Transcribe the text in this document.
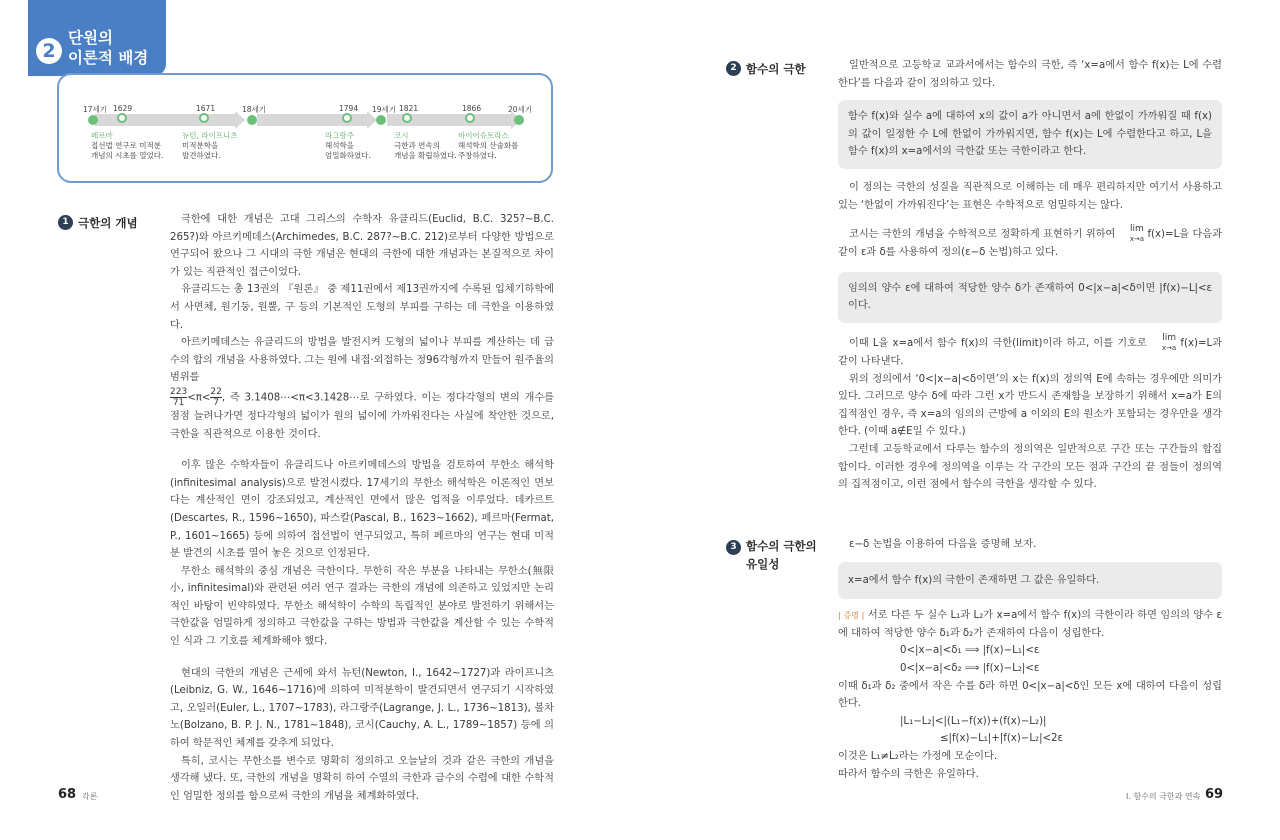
2
단원의
이론적 배경
17세기 1629	1671	18세기	1794 19세기 1821	1866	20세기
페르마
접선법 연구로 미적분
개념의 시초를 열었다.
뉴턴, 라이프니츠
미적분학을
발견하였다.
라그랑주
해석학을
엄밀화하였다.
코시
극한과 연속의
개념을 확립하였다.
바이어슈트라스
해석학의 산술화를
주창하였다.
1 극한의 개념	극한에 대한 개념은 고대 그리스의 수학자 유클리드(Euclid, B.C. 325?~B.C. 265?)와 아르키메데스(Archimedes, B.C. 287?~B.C. 212)로부터 다양한 방법으로 연구되어 왔으나 그 시대의 극한 개념은 현대의 극한에 대한 개념과는 본질적으로 차이가 있는 직관적인 접근이었다.

유클리드는 총 13권의 『원론』 중 제11권에서 제13권까지에 수록된 입체기하학에서 사면체, 원기둥, 원뿔, 구 등의 기본적인 도형의 부피를 구하는 데 극한을 이용하였다.

아르키메데스는 유클리드의 방법을 발전시켜 도형의 넓이나 부피를 계산하는 데 급수의 합의 개념을 사용하였다. 그는 원에 내접·외접하는 정96각형까지 만들어 원주율의 범위를

$\frac{223}{71} <\pi< \frac{22}{7}$ , 즉 3.1408⋯<π<3.1428⋯로 구하였다. 이는 정다각형의 변의 개수를 점점 늘려나가면 정다각형의 넓이가 원의 넓이에 가까워진다는 사실에 착안한 것으로, 극한을 직관적으로 이용한 것이다.

이후 많은 수학자들이 유클리드나 아르키메데스의 방법을 검토하여 무한소 해석학(infinitesimal analysis)으로 발전시켰다. 17세기의 무한소 해석학은 이론적인 면보다는 계산적인 면이 강조되었고, 계산적인 면에서 많은 업적을 이루었다. 데카르트(Descartes, R., 1596~1650), 파스칼(Pascal, B., 1623~1662), 페르마(Fermat, P., 1601~1665) 등에 의하여 접선법이 연구되었고, 특히 페르마의 연구는 현대 미적분 발견의 시초를 열어 놓은 것으로 인정된다.

무한소 해석학의 중심 개념은 극한이다. 무한히 작은 부분을 나타내는 무한소(無限小, infinitesimal)와 관련된 여러 연구 결과는 극한의 개념에 의존하고 있었지만 논리적인 바탕이 빈약하였다. 무한소 해석학이 수학의 독립적인 분야로 발전하기 위해서는 극한값을 엄밀하게 정의하고 극한값을 구하는 방법과 극한값을 계산할 수 있는 수학적인 식과 그 기호를 체계화해야 했다.

현대의 극한의 개념은 근세에 와서 뉴턴(Newton, I., 1642~1727)과 라이프니츠(Leibniz, G. W., 1646~1716)에 의하여 미적분학이 발견되면서 연구되기 시작하였고, 오일러(Euler, L., 1707~1783), 라그랑주(Lagrange, J. L., 1736~1813), 볼차노(Bolzano, B. P. J. N., 1781~1848), 코시(Cauchy, A. L., 1789~1857) 등에 의하여 학문적인 체계를 갖추게 되었다.

특히, 코시는 무한소를 변수로 명확히 정의하고 오늘날의 것과 같은 극한의 개념을 생각해 냈다. 또, 극한의 개념을 명확히 하여 수열의 극한과 급수의 수렴에 대한 수학적인 엄밀한 정의를 함으로써 극한의 개념을 체계화하였다.

68 각론
2 함수의 극한	일반적으로 고등학교 교과서에서는 함수의 극한, 즉 ‘x=a에서 함수 f(x)는 L에 수렴한다’를 다음과 같이 정의하고 있다.

함수 f(x)와 실수 a에 대하여 x의 값이 a가 아니면서 a에 한없이 가까워질 때 f(x)의 값이 일정한 수 L에 한없이 가까워지면, 함수 f(x)는 L에 수렴한다고 하고, L을 함수 f(x)의 x=a에서의 극한값 또는 극한이라고 한다.

이 정의는 극한의 성질을 직관적으로 이해하는 데 매우 편리하지만 여기서 사용하고 있는 ‘한없이 가까워진다’는 표현은 수학적으로 엄밀하지는 않다.

코시는 극한의 개념을 수학적으로 정확하게 표현하기 위하여	lim
x→a f(x)=L을 다음과 같이 ε과 δ를 사용하여 정의(ε−δ 논법)하고 있다.

임의의 양수 ε에 대하여 적당한 양수 δ가 존재하여 0<|x−a|<δ이면 |f(x)−L|<ε이다.

이때 L을 x=a에서 함수 f(x)의 극한(limit)이라 하고, 이를 기호로	lim
x→a f(x)=L과 같이 나타낸다.

위의 정의에서 ‘0<|x−a|<δ이면’의 x는 f(x)의 정의역 E에 속하는 경우에만 의미가 있다. 그러므로 양수 δ에 따라 그런 x가 반드시 존재함을 보장하기 위해서 x=a가 E의 집적점인 경우, 즉 x=a의 임의의 근방에 a 이외의 E의 원소가 포함되는 경우만을 생각한다. (이때 a∉E일 수 있다.)

그런데 고등학교에서 다루는 함수의 정의역은 일반적으로 구간 또는 구간들의 합집합이다. 이러한 경우에 정의역을 이루는 각 구간의 모든 점과 구간의 끝 점들이 정의역의 집적점이고, 이런 점에서 함수의 극한을 생각할 수 있다.

3 함수의 극한의
유일성

ε−δ 논법을 이용하여 다음을 증명해 보자.

x=a에서 함수 f(x)의 극한이 존재하면 그 값은 유일하다.

| 증명 | 서로 다른 두 실수 L₁과 L₂가 x=a에서 함수 f(x)의 극한이라 하면 임의의 양수 ε에 대하여 적당한 양수 δ₁과 δ₂가 존재하여 다음이 성립한다.

0<|x−a|<δ₁ ⟹ |f(x)−L₁|<ε

0<|x−a|<δ₂ ⟹ |f(x)−L₂|<ε

이때 δ₁과 δ₂ 중에서 작은 수를 δ라 하면 0<|x−a|<δ인 모든 x에 대하여 다음이 성립한다.

|L₁−L₂|<|(L₁−f(x))+(f(x)−L₂)|

≤|f(x)−L₁|+|f(x)−L₂|<2ε

이것은 L₁≠L₂라는 가정에 모순이다.

따라서 함수의 극한은 유일하다.

Ⅰ. 함수의 극한과 연속 69
